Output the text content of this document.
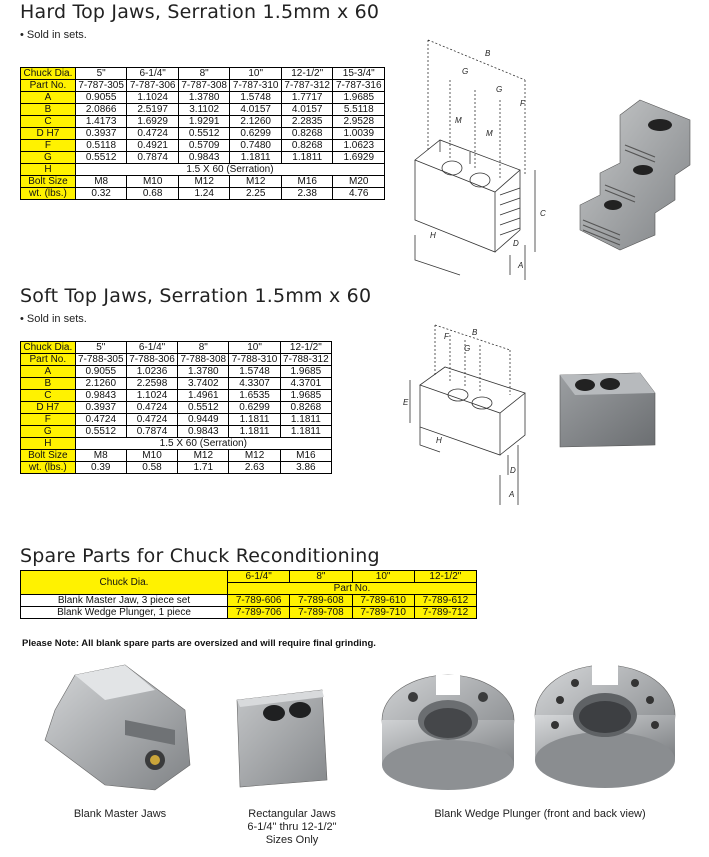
Hard Top Jaws, Serration 1.5mm x 60
• Sold in sets.
Chuck Dia.	5"	6-1/4"	8"	10"	12-1/2"	15-3/4"
Part No.	7-787-305	7-787-306	7-787-308	7-787-310	7-787-312	7-787-316
A	0.9055	1.1024	1.3780	1.5748	1.7717	1.9685
B	2.0866	2.5197	3.1102	4.0157	4.0157	5.5118
C	1.4173	1.6929	1.9291	2.1260	2.2835	2.9528
D H7	0.3937	0.4724	0.5512	0.6299	0.8268	1.0039
F	0.5118	0.4921	0.5709	0.7480	0.8268	1.0623
G	0.5512	0.7874	0.9843	1.1811	1.1811	1.6929
H	1.5 X 60 (Serration)					
Bolt Size	M8	M10	M12	M12	M16	M20
wt. (lbs.)	0.32	0.68	1.24	2.25	2.38	4.76
B
G
G
F
M
M
C
H
D
A
Soft Top Jaws, Serration 1.5mm x 60
• Sold in sets.
Chuck Dia.	5"	6-1/4"	8"	10"	12-1/2"
Part No.	7-788-305	7-788-306	7-788-308	7-788-310	7-788-312
A	0.9055	1.0236	1.3780	1.5748	1.9685
B	2.1260	2.2598	3.7402	4.3307	4.3701
C	0.9843	1.1024	1.4961	1.6535	1.9685
D H7	0.3937	0.4724	0.5512	0.6299	0.8268
F	0.4724	0.4724	0.9449	1.1811	1.1811
G	0.5512	0.7874	0.9843	1.1811	1.1811
H	1.5 X 60 (Serration)				
Bolt Size	M8	M10	M12	M12	M16
wt. (lbs.)	0.39	0.58	1.71	2.63	3.86
B
F
G
E
H
D
A
Spare Parts for Chuck Reconditioning
Chuck Dia.	6-1/4"	8"	10"	12-1/2"
	Part No.			
Blank Master Jaw, 3 piece set	7-789-606	7-789-608	7-789-610	7-789-612
Blank Wedge Plunger, 1 piece	7-789-706	7-789-708	7-789-710	7-789-712
Please Note: All blank spare parts are oversized and will require final grinding.
Blank Master Jaws	Rectangular Jaws
6-1/4" thru 12-1/2"
Sizes Only
Blank Wedge Plunger (front and back view)
